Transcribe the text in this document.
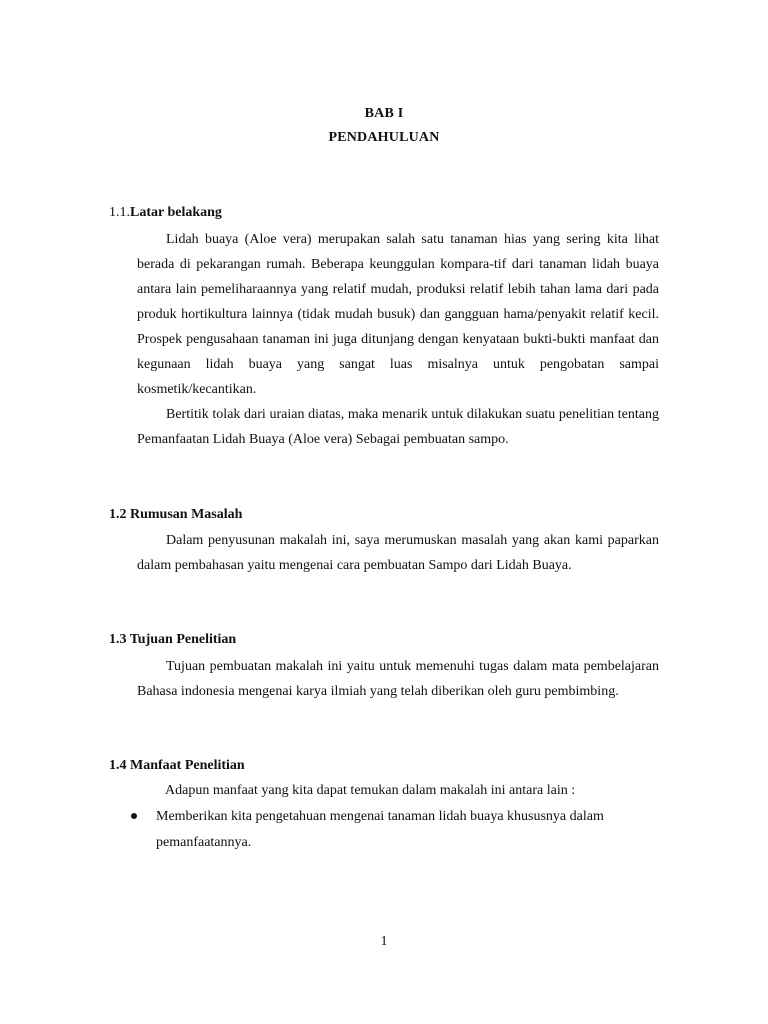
BAB I
PENDAHULUAN
1.1.Latar belakang

Lidah buaya (Aloe vera) merupakan salah satu tanaman hias yang sering kita lihat berada di pekarangan rumah. Beberapa keunggulan kompara-tif dari tanaman lidah buaya antara lain pemeliharaannya yang relatif mudah, produksi relatif lebih tahan lama dari pada produk hortikultura lainnya (tidak mudah busuk) dan gangguan hama/penyakit relatif kecil. Prospek pengusahaan tanaman ini juga ditunjang dengan kenyataan bukti-bukti manfaat dan kegunaan lidah buaya yang sangat luas misalnya untuk pengobatan sampai kosmetik/kecantikan.

Bertitik tolak dari uraian diatas, maka menarik untuk dilakukan suatu penelitian tentang Pemanfaatan Lidah Buaya (Aloe vera) Sebagai pembuatan sampo.

1.2 Rumusan Masalah

Dalam penyusunan makalah ini, saya merumuskan masalah yang akan kami paparkan dalam pembahasan yaitu mengenai cara pembuatan Sampo dari Lidah Buaya.

1.3 Tujuan Penelitian

Tujuan pembuatan makalah ini yaitu untuk memenuhi tugas dalam mata pembelajaran Bahasa indonesia mengenai karya ilmiah yang telah diberikan oleh guru pembimbing.

1.4 Manfaat Penelitian
Adapun manfaat yang kita dapat temukan dalam makalah ini antara lain :
Memberikan kita pengetahuan mengenai tanaman lidah buaya khususnya dalam pemanfaatannya.
1
